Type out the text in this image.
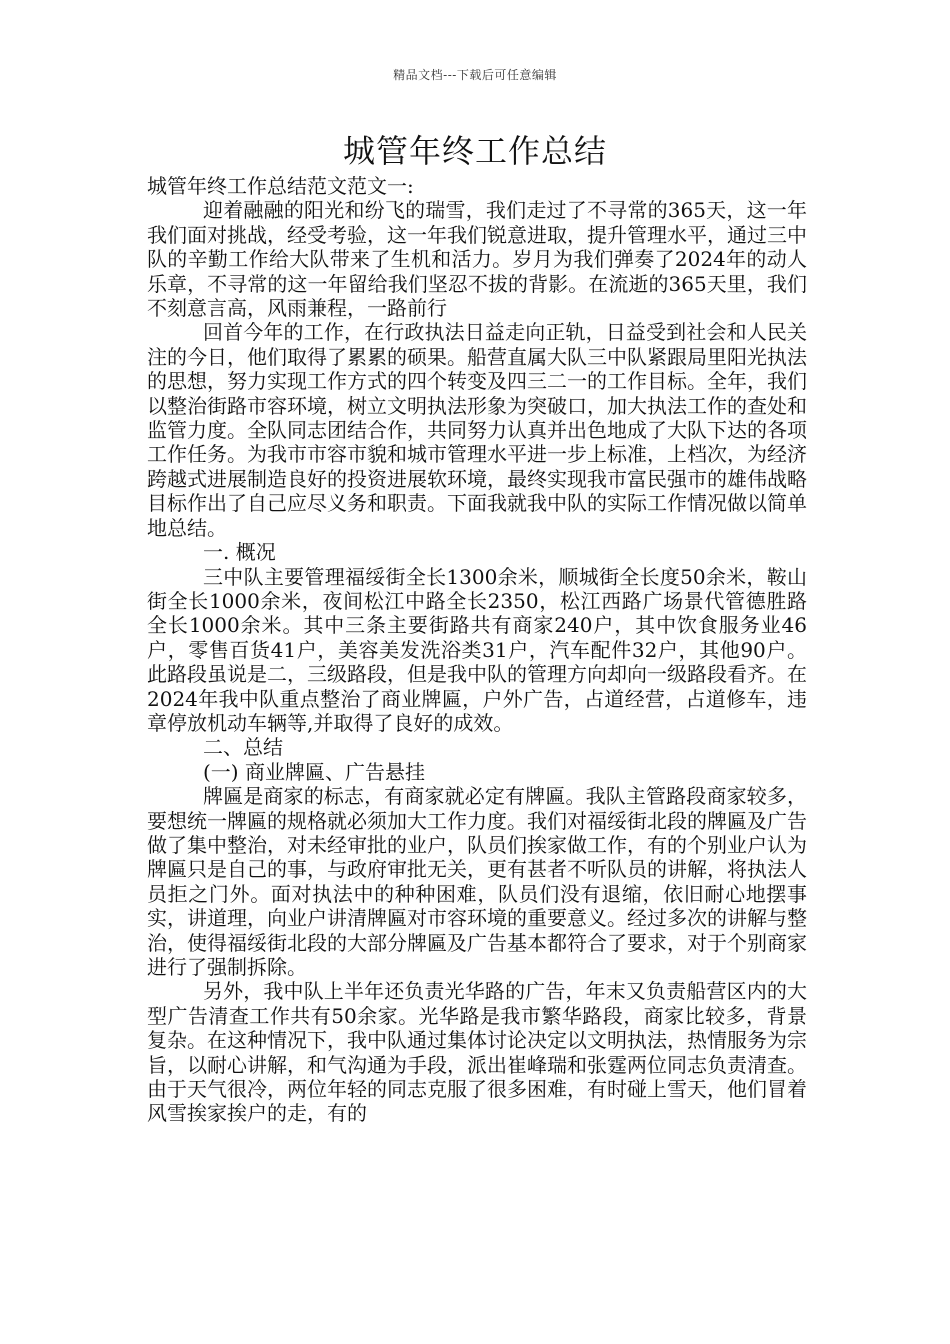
精品文档---下载后可任意编辑
城管年终工作总结

城管年终工作总结范文范文一:

迎着融融的阳光和纷飞的瑞雪，我们走过了不寻常的365天，这一年我们面对挑战，经受考验，这一年我们锐意进取，提升管理水平，通过三中队的辛勤工作给大队带来了生机和活力。岁月为我们弹奏了2024年的动人乐章，不寻常的这一年留给我们坚忍不拔的背影。在流逝的365天里，我们不刻意言高，风雨兼程，一路前行

回首今年的工作，在行政执法日益走向正轨，日益受到社会和人民关注的今日，他们取得了累累的硕果。船营直属大队三中队紧跟局里阳光执法的思想，努力实现工作方式的四个转变及四三二一的工作目标。全年，我们以整治街路市容环境，树立文明执法形象为突破口，加大执法工作的查处和监管力度。全队同志团结合作，共同努力认真并出色地成了大队下达的各项工作任务。为我市市容市貌和城市管理水平进一步上标准，上档次，为经济跨越式进展制造良好的投资进展软环境，最终实现我市富民强市的雄伟战略目标作出了自己应尽义务和职责。下面我就我中队的实际工作情况做以简单地总结。

一. 概况

三中队主要管理福绥街全长1300余米，顺城街全长度50余米，鞍山街全长1000余米，夜间松江中路全长2350，松江西路广场景代管德胜路全长1000余米。其中三条主要街路共有商家240户，其中饮食服务业46户，零售百货41户，美容美发洗浴类31户，汽车配件32户，其他90户。此路段虽说是二，三级路段，但是我中队的管理方向却向一级路段看齐。在2024年我中队重点整治了商业牌匾，户外广告，占道经营，占道修车，违章停放机动车辆等,并取得了良好的成效。

二、总结

(一) 商业牌匾、广告悬挂

牌匾是商家的标志，有商家就必定有牌匾。我队主管路段商家较多，要想统一牌匾的规格就必须加大工作力度。我们对福绥街北段的牌匾及广告做了集中整治，对未经审批的业户，队员们挨家做工作，有的个别业户认为牌匾只是自己的事，与政府审批无关，更有甚者不听队员的讲解，将执法人员拒之门外。面对执法中的种种困难，队员们没有退缩，依旧耐心地摆事实，讲道理，向业户讲清牌匾对市容环境的重要意义。经过多次的讲解与整治，使得福绥街北段的大部分牌匾及广告基本都符合了要求，对于个别商家进行了强制拆除。

另外，我中队上半年还负责光华路的广告，年末又负责船营区内的大型广告清查工作共有50余家。光华路是我市繁华路段，商家比较多，背景复杂。在这种情况下，我中队通过集体讨论决定以文明执法，热情服务为宗旨，以耐心讲解，和气沟通为手段，派出崔峰瑞和张霆两位同志负责清查。由于天气很冷，两位年轻的同志克服了很多困难，有时碰上雪天，他们冒着风雪挨家挨户的走，有的
